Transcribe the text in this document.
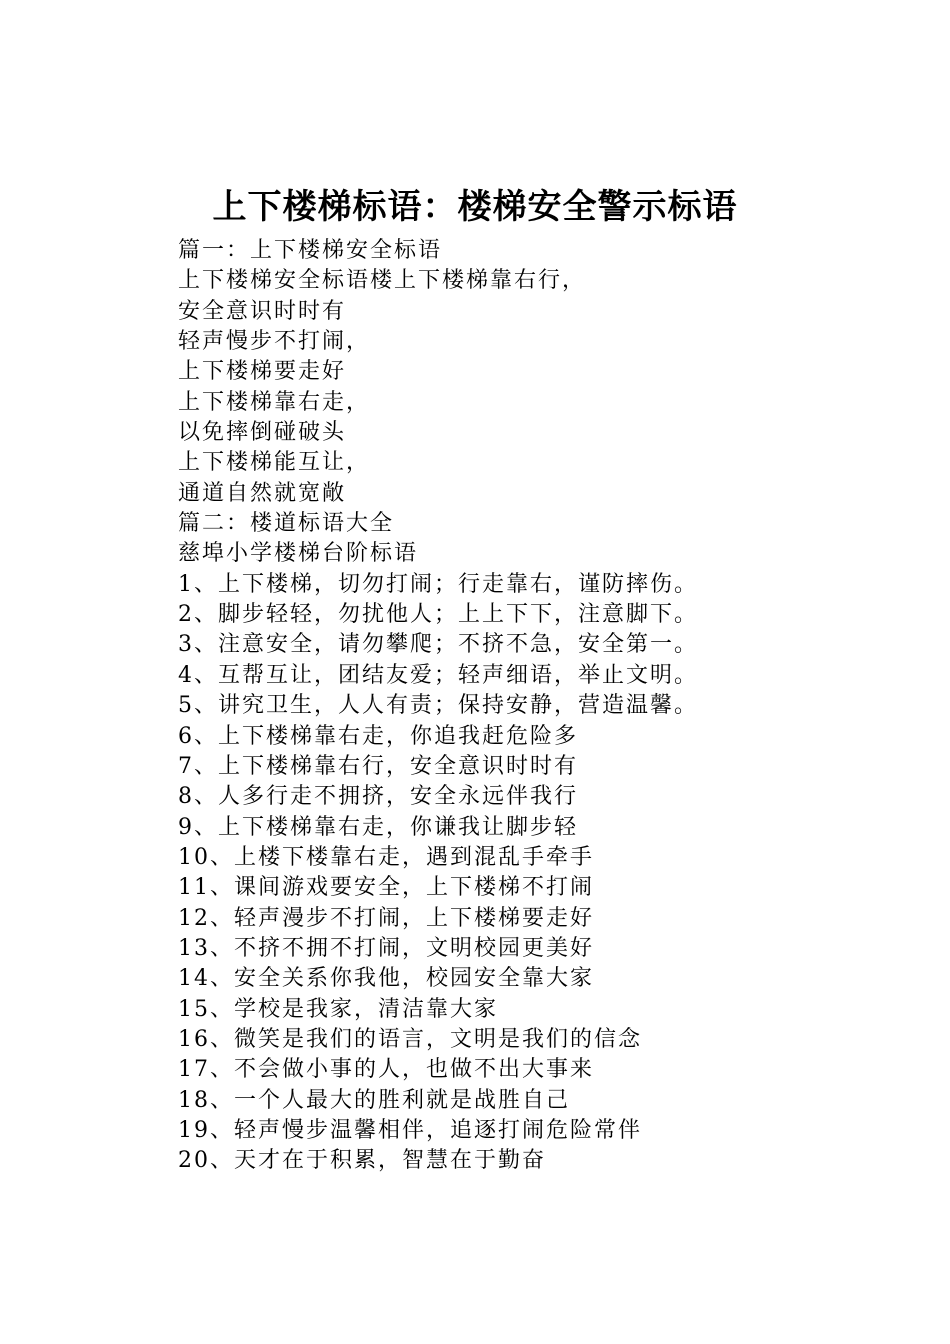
上下楼梯标语：楼梯安全警示标语
篇一：上下楼梯安全标语
上下楼梯安全标语楼上下楼梯靠右行，
安全意识时时有
轻声慢步不打闹，
上下楼梯要走好
上下楼梯靠右走，
以免摔倒碰破头
上下楼梯能互让，
通道自然就宽敞
篇二：楼道标语大全
慈埠小学楼梯台阶标语
1、上下楼梯，切勿打闹；行走靠右，谨防摔伤。
2、脚步轻轻，勿扰他人；上上下下，注意脚下。
3、注意安全，请勿攀爬；不挤不急，安全第一。
4、互帮互让，团结友爱；轻声细语，举止文明。
5、讲究卫生，人人有责；保持安静，营造温馨。
6、上下楼梯靠右走，你追我赶危险多
7、上下楼梯靠右行，安全意识时时有
8、人多行走不拥挤，安全永远伴我行
9、上下楼梯靠右走，你谦我让脚步轻
10、上楼下楼靠右走，遇到混乱手牵手
11、课间游戏要安全，上下楼梯不打闹
12、轻声漫步不打闹，上下楼梯要走好
13、不挤不拥不打闹，文明校园更美好
14、安全关系你我他，校园安全靠大家
15、学校是我家，清洁靠大家
16、微笑是我们的语言，文明是我们的信念
17、不会做小事的人，也做不出大事来
18、一个人最大的胜利就是战胜自己
19、轻声慢步温馨相伴，追逐打闹危险常伴
20、天才在于积累，智慧在于勤奋
